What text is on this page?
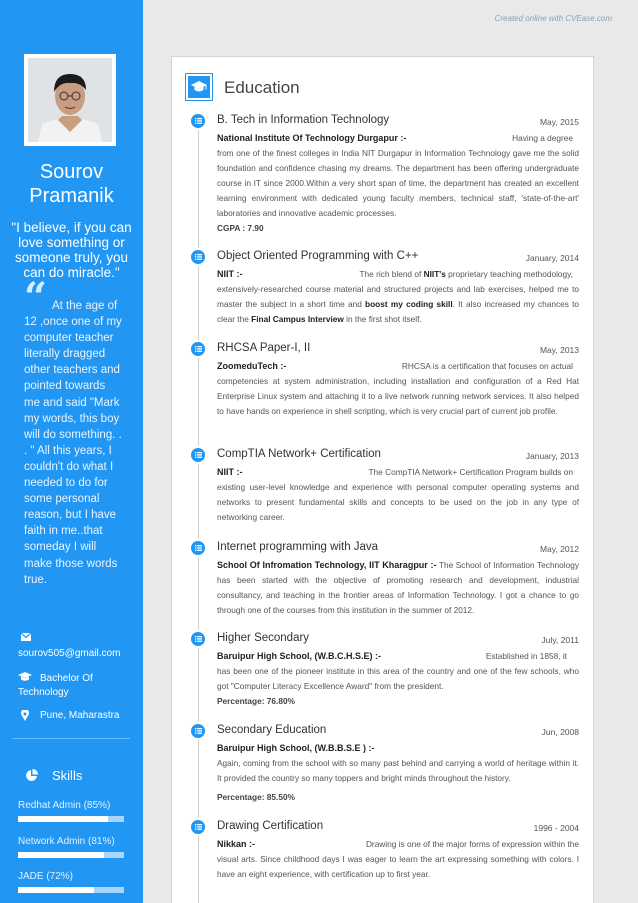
Sourov
Pramanik
"I believe, if you can love something or someone truly, you can do miracle."
“ At the age of 12 ,once one of my computer teacher literally dragged other teachers and pointed towards me and said "Mark my words, this boy will do something. . . " All this years, I couldn't do what I needed to do for some personal reason, but I have faith in me..that someday I will make those words true.
sourov505@gmail.com
Bachelor Of Technology
Pune, Maharastra
Skills
Redhat Admin (85%)
Network Admin (81%)
JADE (72%)
Created online with CVEase.com
Education
B. Tech in Information Technology	May, 2015
National Institute Of Technology Durgapur :-	Having a degree
from one of the finest colleges in India NIT Durgapur in Information Technology gave me the solid foundation and confidence chasing my dreams. The department has been offering undergraduate course in IT since 2000.Within a very short span of time, the department has created an excellent learning environment with dedicated young faculty members, technical staff, 'state-of-the-art' laboratories and innovative academic processes.
CGPA : 7.90
Object Oriented Programming with C++	January, 2014
NIIT :-	The rich blend of NIIT's proprietary teaching methodology,
extensively-researched course material and structured projects and lab exercises, helped me to master the subject in a short time and boost my coding skill. It also increased my chances to clear the Final Campus Interview in the first shot itself.
RHCSA Paper-I, II	May, 2013
ZoomeduTech :-	RHCSA is a certification that focuses on actual
competencies at system administration, including installation and configuration of a Red Hat Enterprise Linux system and attaching it to a live network running network services. It also helped to have hands on experience in shell scripting, which is very crucial part of current job profile.
CompTIA Network+ Certification	January, 2013
NIIT :-	The CompTIA Network+ Certification Program builds on
existing user-level knowledge and experience with personal computer operating systems and networks to present fundamental skills and concepts to be used on the job in any type of networking career.
Internet programming with Java	May, 2012
School Of Infromation Technology, IIT Kharagpur :- The School of Information Technology has been started with the objective of promoting research and development, industrial consultancy, and teaching in the frontier areas of Information Technology. I got a chance to go through one of the courses from this institution in the summer of 2012.
Higher Secondary	July, 2011
Baruipur High School, (W.B.C.H.S.E) :-	Established in 1858, it
has been one of the pioneer institute in this area of the country and one of the few schools, who got "Computer Literacy Excellence Award" from the president.
Percentage: 76.80%
Secondary Education	Jun, 2008
Baruipur High School, (W.B.B.S.E ) :-
Again, coming from the school with so many past behind and carrying a world of heritage within it. It provided the country so many toppers and bright minds throughout the history.
Percentage: 85.50%
Drawing Certification	1996 - 2004
Nikkan :-	Drawing is one of the major forms of expression within the
visual arts. Since childhood days I was eager to learn the art expressing something with colors. I have an eight experience, with certification up to first year.
